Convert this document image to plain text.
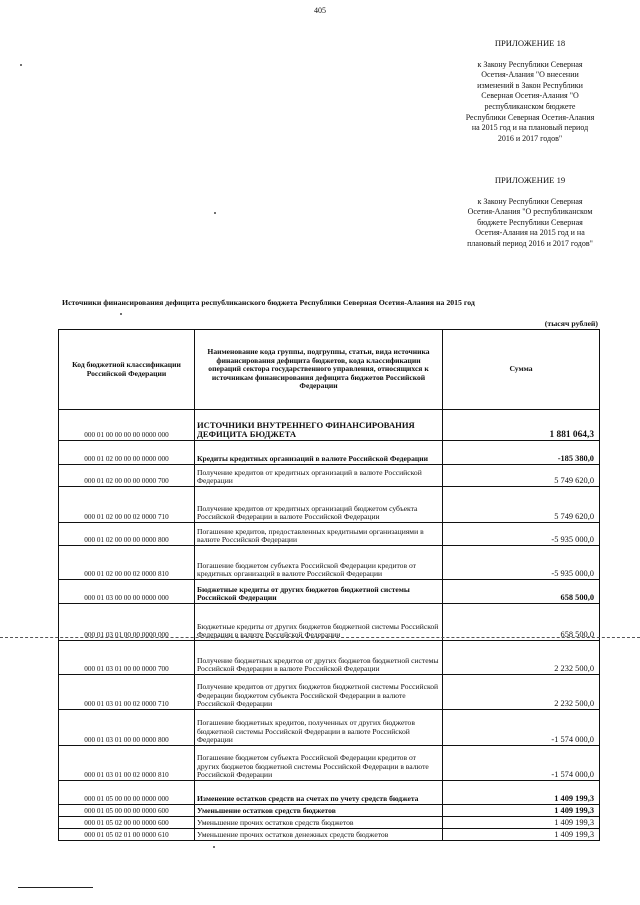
405
ПРИЛОЖЕНИЕ 18
к Закону Республики Северная
Осетия-Алания "О внесении
изменений в Закон Республики
Северная Осетия-Алания "О
республиканском бюджете
Республики Северная Осетия-Алания
на 2015 год и на плановый период
2016 и 2017 годов"
ПРИЛОЖЕНИЕ 19
к Закону Республики Северная
Осетия-Алания "О республиканском
бюджете Республики Северная
Осетия-Алания на 2015 год и на
плановый период 2016 и 2017 годов"
Источники финансирования дефицита республиканского бюджета Республики Северная Осетия-Алания на 2015 год
(тысяч рублей)
Код бюджетной классификации Российской Федерации	Наименование кода группы, подгруппы, статьи, вида источника финансирования дефицита бюджетов, кода классификации операций сектора государственного управления, относящихся к источникам финансирования дефицита бюджетов Российской Федерации	Сумма
000 01 00 00 00 00 0000 000	ИСТОЧНИКИ ВНУТРЕННЕГО ФИНАНСИРОВАНИЯ ДЕФИЦИТА БЮДЖЕТА	1 881 064,3
000 01 02 00 00 00 0000 000	Кредиты кредитных организаций в валюте Российской Федерации	-185 380,0
000 01 02 00 00 00 0000 700	Получение кредитов от кредитных организаций в валюте Российской Федерации	5 749 620,0
000 01 02 00 00 02 0000 710	Получение кредитов от кредитных организаций бюджетом субъекта Российской Федерации в валюте Российской Федерации	5 749 620,0
000 01 02 00 00 00 0000 800	Погашение кредитов, предоставленных кредитными организациями в валюте Российской Федерации	-5 935 000,0
000 01 02 00 00 02 0000 810	Погашение бюджетом субъекта Российской Федерации кредитов от кредитных организаций в валюте Российской Федерации	-5 935 000,0
000 01 03 00 00 00 0000 000	Бюджетные кредиты от других бюджетов бюджетной системы Российской Федерации	658 500,0
000 01 03 01 00 00 0000 000	Бюджетные кредиты от других бюджетов бюджетной системы Российской Федерации в валюте Российской Федерации	658 500,0
000 01 03 01 00 00 0000 700	Получение бюджетных кредитов от других бюджетов бюджетной системы Российской Федерации в валюте Российской Федерации	2 232 500,0
000 01 03 01 00 02 0000 710	Получение кредитов от других бюджетов бюджетной системы Российской Федерации бюджетом субъекта Российской Федерации в валюте Российской Федерации	2 232 500,0
000 01 03 01 00 00 0000 800	Погашение бюджетных кредитов, полученных от других бюджетов бюджетной системы Российской Федерации в валюте Российской Федерации	-1 574 000,0
000 01 03 01 00 02 0000 810	Погашение бюджетом субъекта Российской Федерации кредитов от других бюджетов бюджетной системы Российской Федерации в валюте Российской Федерации	-1 574 000,0
000 01 05 00 00 00 0000 000	Изменение остатков средств на счетах по учету средств бюджета	1 409 199,3
000 01 05 00 00 00 0000 600	Уменьшение остатков средств бюджетов	1 409 199,3
000 01 05 02 00 00 0000 600	Уменьшение прочих остатков средств бюджетов	1 409 199,3
000 01 05 02 01 00 0000 610	Уменьшение прочих остатков денежных средств бюджетов	1 409 199,3
